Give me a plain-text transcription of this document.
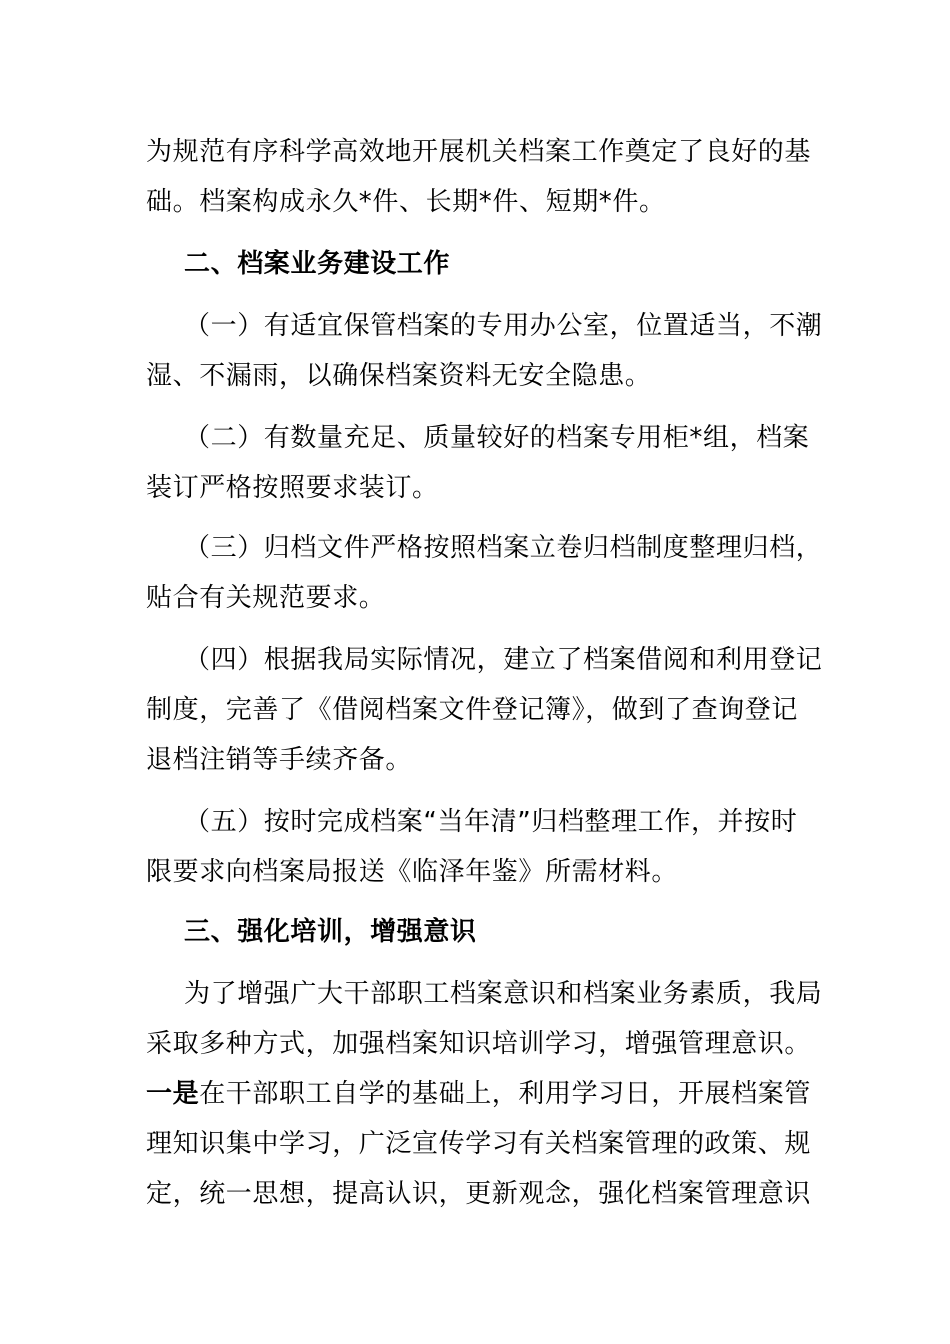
为规范有序科学高效地开展机关档案工作奠定了良好的基
础。档案构成永久*件、长期*件、短期*件。
二、档案业务建设工作
（一）有适宜保管档案的专用办公室，位置适当，不潮
湿、不漏雨，以确保档案资料无安全隐患。
（二）有数量充足、质量较好的档案专用柜*组，档案
装订严格按照要求装订。
（三）归档文件严格按照档案立卷归档制度整理归档，
贴合有关规范要求。
（四）根据我局实际情况，建立了档案借阅和利用登记
制度，完善了《借阅档案文件登记簿》，做到了查询登记
退档注销等手续齐备。
（五）按时完成档案“当年清”归档整理工作，并按时
限要求向档案局报送《临泽年鉴》所需材料。
三、强化培训，增强意识
为了增强广大干部职工档案意识和档案业务素质，我局
采取多种方式，加强档案知识培训学习，增强管理意识。
一是在干部职工自学的基础上，利用学习日，开展档案管
理知识集中学习，广泛宣传学习有关档案管理的政策、规
定，统一思想，提高认识，更新观念，强化档案管理意识
